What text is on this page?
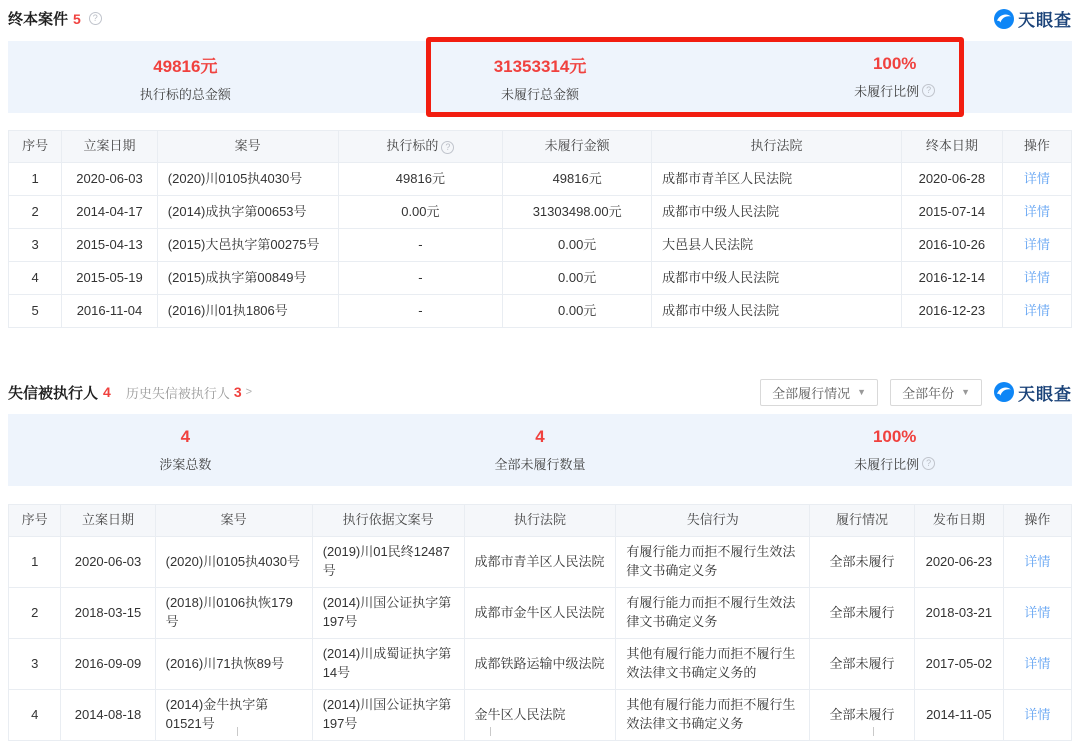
终本案件 5	?	天眼查
49816元
执行标的总金额
31353314元
未履行总金额
100%
未履行比例 ?
序号	立案日期	案号	执行标的 ?	未履行金额	执行法院	终本日期	操作
1	2020-06-03	(2020)川0105执4030号	49816元	49816元	成都市青羊区人民法院	2020-06-28	详情
2	2014-04-17	(2014)成执字第00653号	0.00元	31303498.00元	成都市中级人民法院	2015-07-14	详情
3	2015-04-13	(2015)大邑执字第00275号	-	0.00元	大邑县人民法院	2016-10-26	详情
4	2015-05-19	(2015)成执字第00849号	-	0.00元	成都市中级人民法院	2016-12-14	详情
5	2016-11-04	(2016)川01执1806号	-	0.00元	成都市中级人民法院	2016-12-23	详情
失信被执行人 4 历史失信被执行人 3 >	全部履行情况 ▼	全部年份 ▼	天眼查
4
涉案总数
4
全部未履行数量
100%
未履行比例 ?
序号	立案日期	案号	执行依据文案号	执行法院	失信行为	履行情况	发布日期	操作
1	2020-06-03	(2020)川0105执4030号	(2019)川01民终12487号	成都市青羊区人民法院	有履行能力而拒不履行生效法律文书确定义务	全部未履行	2020-06-23	详情
2	2018-03-15	(2018)川0106执恢179号	(2014)川国公证执字第197号	成都市金牛区人民法院	有履行能力而拒不履行生效法律文书确定义务	全部未履行	2018-03-21	详情
3	2016-09-09	(2016)川71执恢89号	(2014)川成蜀证执字第14号	成都铁路运输中级法院	其他有履行能力而拒不履行生效法律文书确定义务的	全部未履行	2017-05-02	详情
4	2014-08-18	(2014)金牛执字第01521号	(2014)川国公证执字第197号	金牛区人民法院	其他有履行能力而拒不履行生效法律文书确定义务	全部未履行	2014-11-05	详情
